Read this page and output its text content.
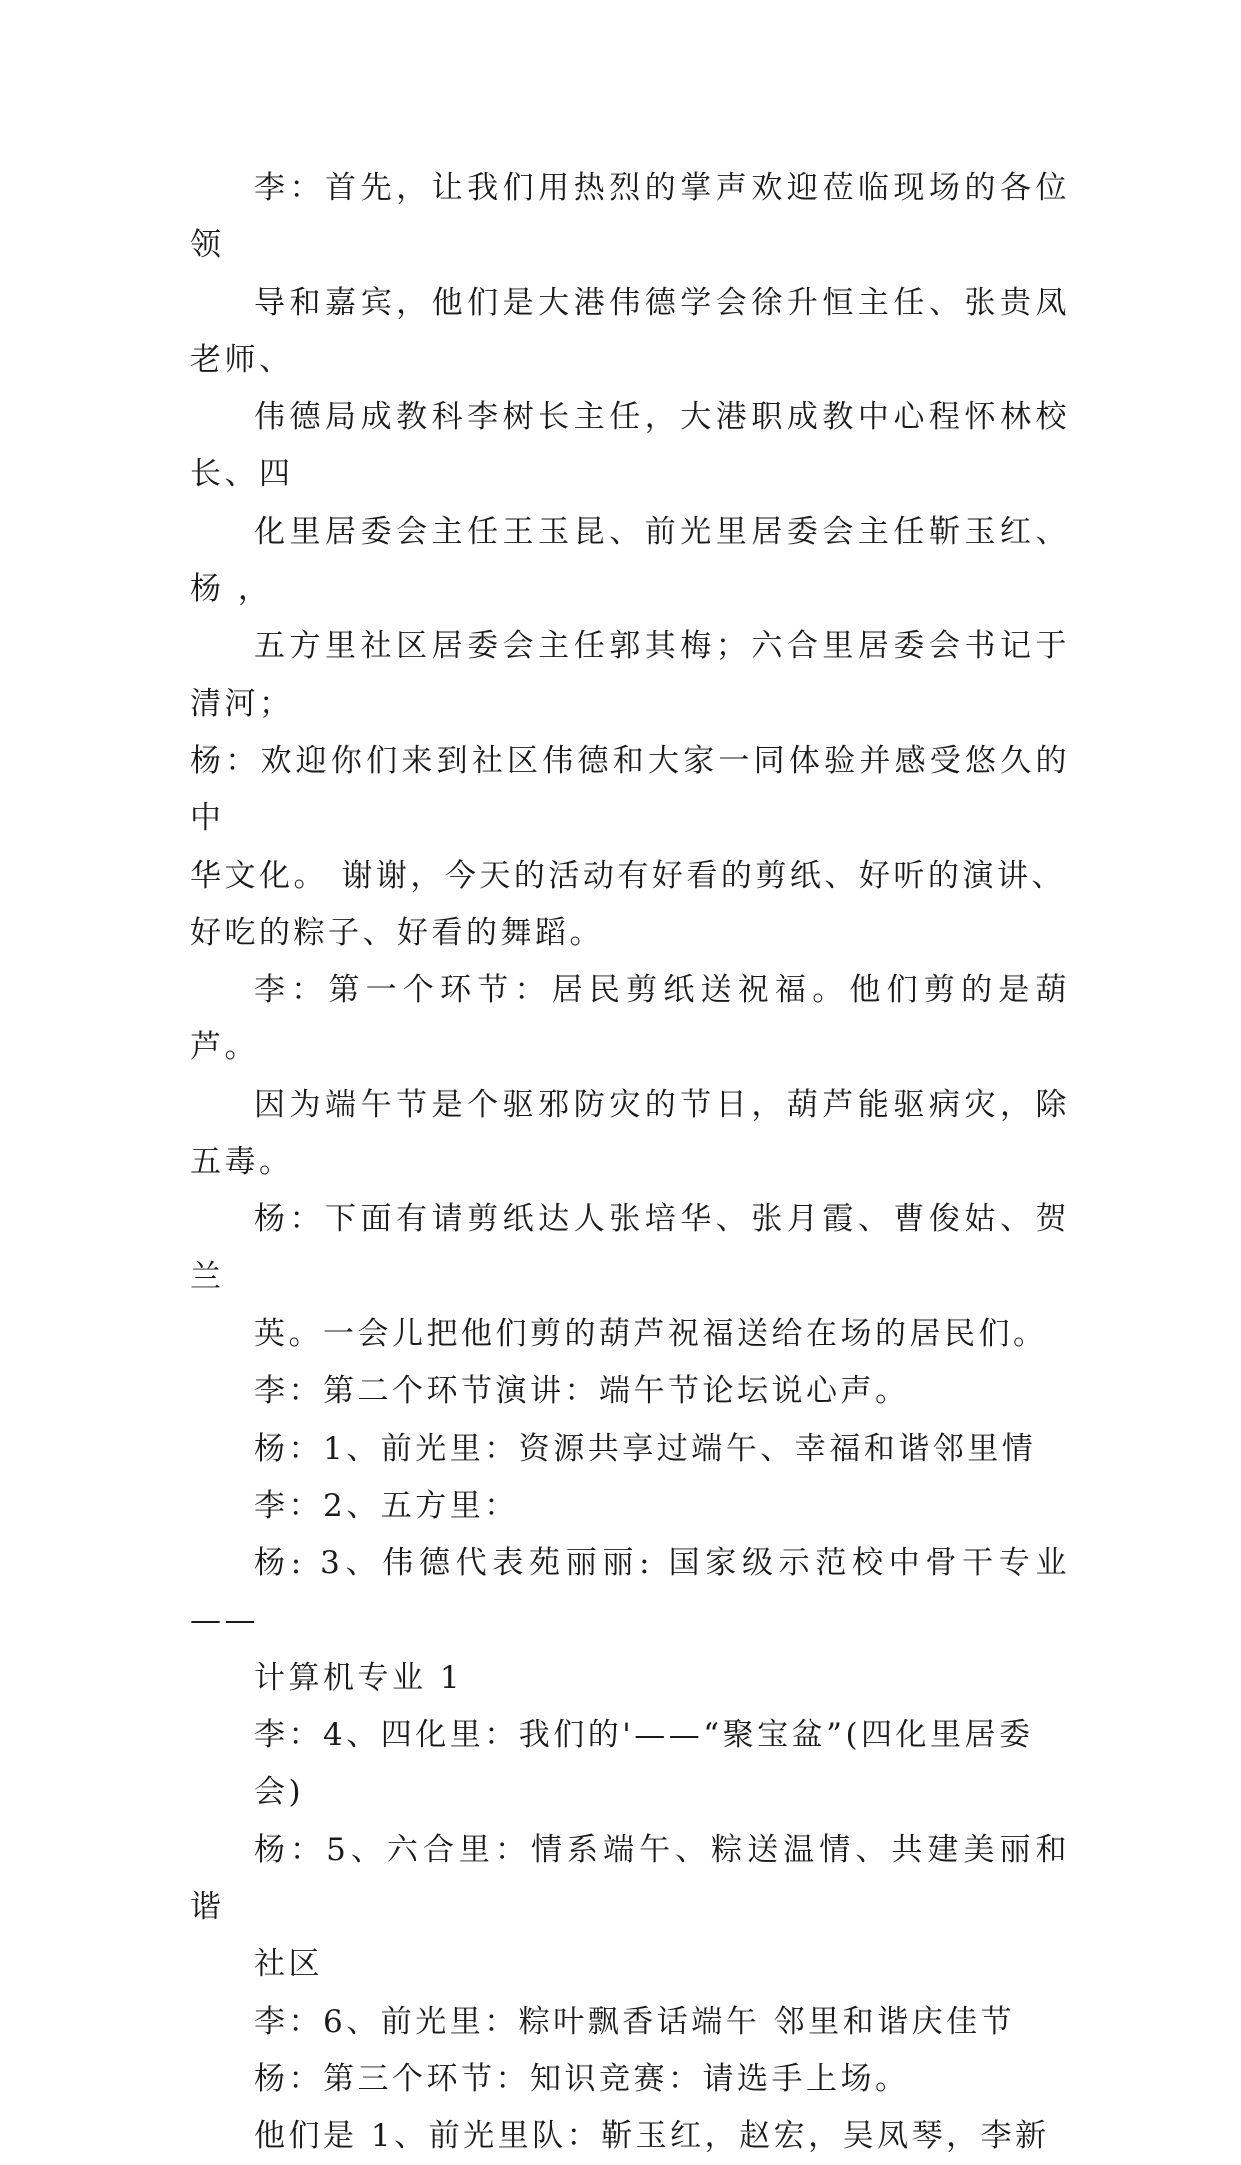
李：首先，让我们用热烈的掌声欢迎莅临现场的各位领
导和嘉宾，他们是大港伟德学会徐升恒主任、张贵凤老师、
伟德局成教科李树长主任，大港职成教中心程怀林校长、四
化里居委会主任王玉昆、前光里居委会主任靳玉红、杨 ，
五方里社区居委会主任郭其梅；六合里居委会书记于清河；

杨：欢迎你们来到社区伟德和大家一同体验并感受悠久的中
华文化。 谢谢，今天的活动有好看的剪纸、好听的演讲、
好吃的粽子、好看的舞蹈。

李：第一个环节：居民剪纸送祝福。他们剪的是葫芦。
因为端午节是个驱邪防灾的节日，葫芦能驱病灾，除五毒。

杨：下面有请剪纸达人张培华、张月霞、曹俊姑、贺兰
英。一会儿把他们剪的葫芦祝福送给在场的居民们。

李：第二个环节演讲：端午节论坛说心声。

杨：1、前光里：资源共享过端午、幸福和谐邻里情

李：2、五方里：

杨: 3、伟德代表苑丽丽: 国家级示范校中骨干专业——
计算机专业 1

李：4、四化里：我们的'——“聚宝盆”(四化里居委
会)

杨：5、六合里：情系端午、粽送温情、共建美丽和谐
社区

李：6、前光里：粽叶飘香话端午 邻里和谐庆佳节

杨：第三个环节：知识竞赛：请选手上场。

他们是 1、前光里队：靳玉红，赵宏，吴凤琴，李新
